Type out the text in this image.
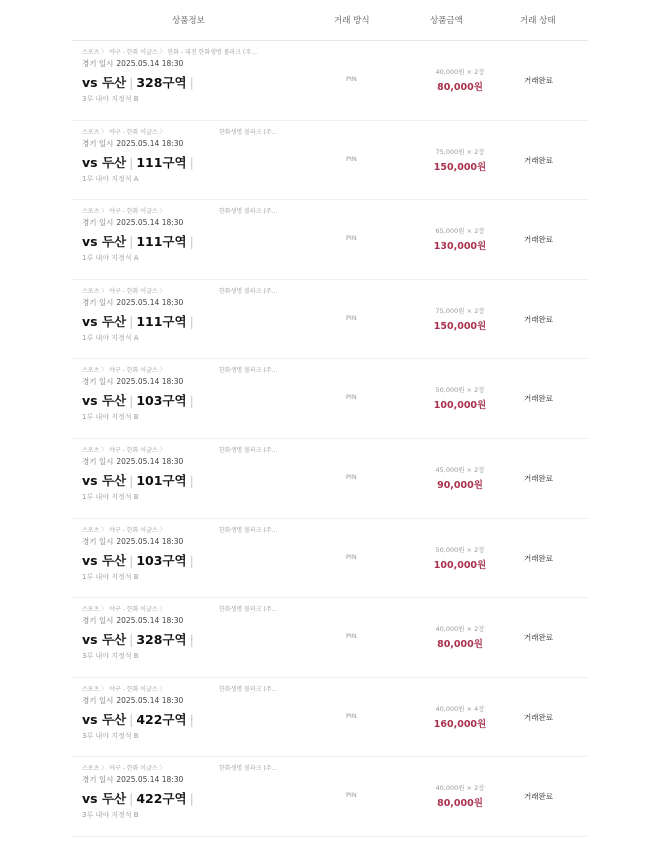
상품정보	거래 방식	상품금액	거래 상태
스포츠 〉 야구 - 한화 이글스 〉 한화 - 대전 한화생명 볼파크 (주…
경기 일시 2025.05.14 18:30
vs 두산 | 328구역 |
3루 내야 지정석 B
PIN
40,000원 × 2장
80,000원
거래완료
스포츠 〉 야구 - 한화 이글스 〉	한화생명 볼파크 (주…
경기 일시 2025.05.14 18:30
vs 두산 | 111구역 |
1루 내야 지정석 A
PIN
75,000원 × 2장
150,000원
거래완료
스포츠 〉 야구 - 한화 이글스 〉	한화생명 볼파크 (주…
경기 일시 2025.05.14 18:30
vs 두산 | 111구역 |
1루 내야 지정석 A
PIN
65,000원 × 2장
130,000원
거래완료
스포츠 〉 야구 - 한화 이글스 〉	한화생명 볼파크 (주…
경기 일시 2025.05.14 18:30
vs 두산 | 111구역 |
1루 내야 지정석 A
PIN
75,000원 × 2장
150,000원
거래완료
스포츠 〉 야구 - 한화 이글스 〉	한화생명 볼파크 (주…
경기 일시 2025.05.14 18:30
vs 두산 | 103구역 |
1루 내야 지정석 B
PIN
50,000원 × 2장
100,000원
거래완료
스포츠 〉 야구 - 한화 이글스 〉	한화생명 볼파크 (주…
경기 일시 2025.05.14 18:30
vs 두산 | 101구역 |
1루 내야 지정석 B
PIN
45,000원 × 2장
90,000원
거래완료
스포츠 〉 야구 - 한화 이글스 〉	한화생명 볼파크 (주…
경기 일시 2025.05.14 18:30
vs 두산 | 103구역 |
1루 내야 지정석 B
PIN
50,000원 × 2장
100,000원
거래완료
스포츠 〉 야구 - 한화 이글스 〉	한화생명 볼파크 (주…
경기 일시 2025.05.14 18:30
vs 두산 | 328구역 |
3루 내야 지정석 B
PIN
40,000원 × 2장
80,000원
거래완료
스포츠 〉 야구 - 한화 이글스 〉	한화생명 볼파크 (주…
경기 일시 2025.05.14 18:30
vs 두산 | 422구역 |
3루 내야 지정석 B
PIN
40,000원 × 4장
160,000원
거래완료
스포츠 〉 야구 - 한화 이글스 〉	한화생명 볼파크 (주…
경기 일시 2025.05.14 18:30
vs 두산 | 422구역 |
3루 내야 지정석 B
PIN
40,000원 × 2장
80,000원
거래완료
